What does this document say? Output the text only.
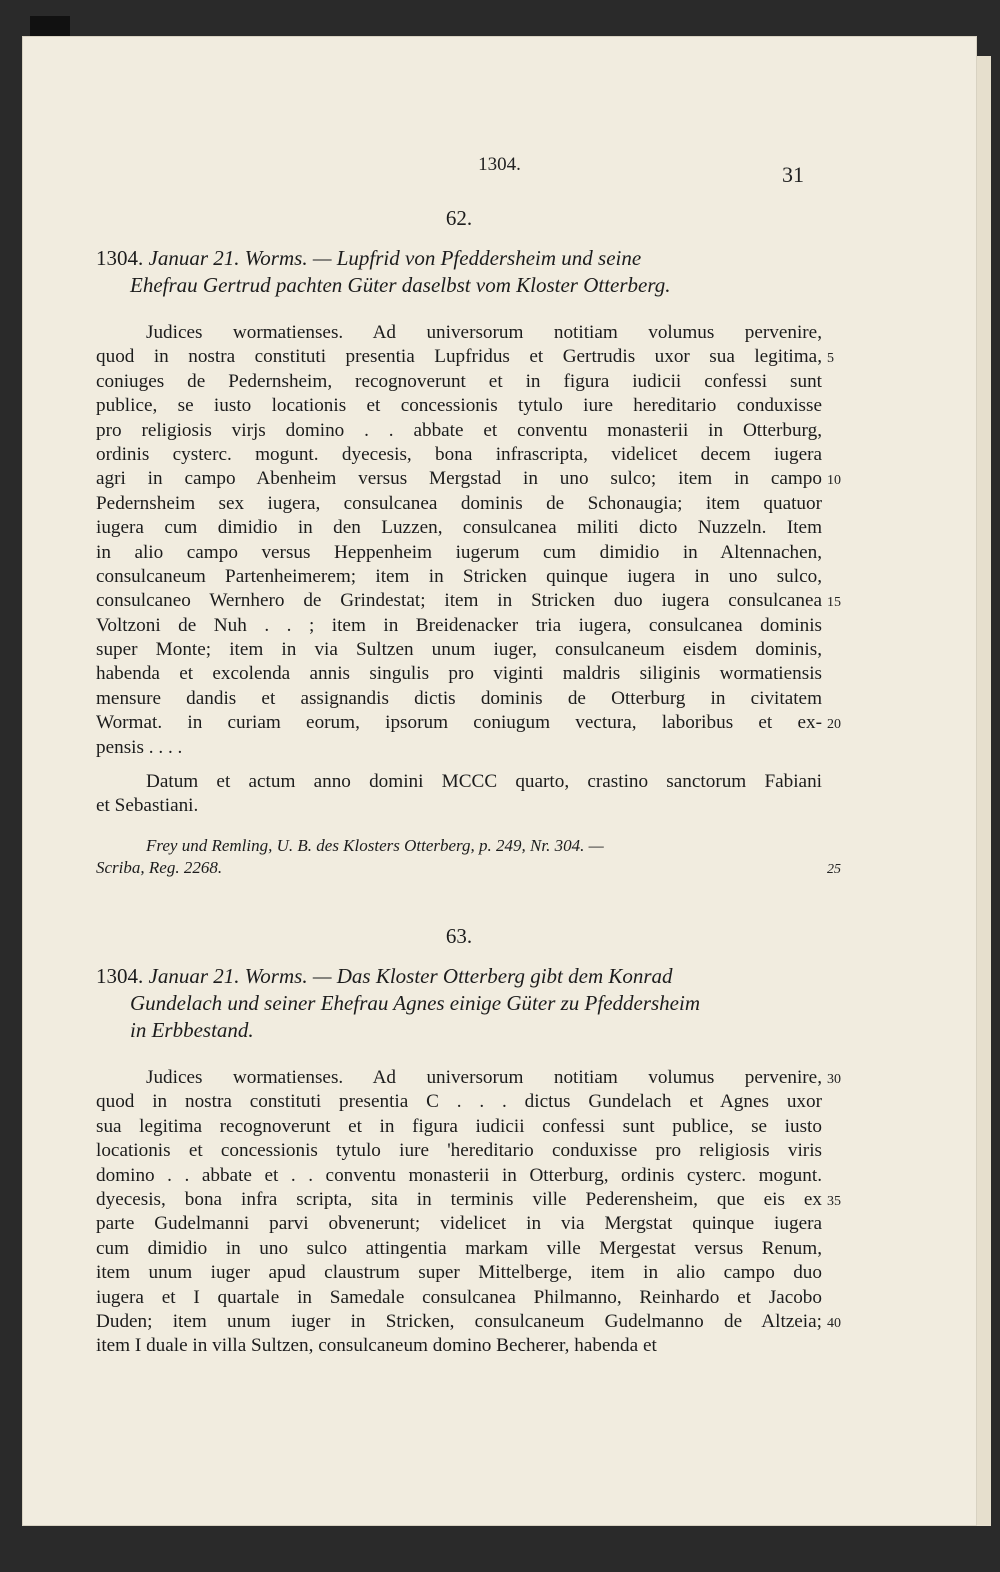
1304.	31
62.
1304. Januar 21. Worms. — Lupfrid von Pfeddersheim und seine
Ehefrau Gertrud pachten Güter daselbst vom Kloster Otterberg.
Judices wormatienses. Ad universorum notitiam volumus pervenire,
quod in nostra constituti presentia Lupfridus et Gertrudis uxor sua legitima, 5
coniuges de Pedernsheim, recognoverunt et in figura iudicii confessi sunt
publice, se iusto locationis et concessionis tytulo iure hereditario conduxisse
pro religiosis virjs domino . . abbate et conventu monasterii in Otterburg,
ordinis cysterc. mogunt. dyecesis, bona infrascripta, videlicet decem iugera
agri in campo Abenheim versus Mergstad in uno sulco; item in campo 10
Pedernsheim sex iugera, consulcanea dominis de Schonaugia; item quatuor
iugera cum dimidio in den Luzzen, consulcanea militi dicto Nuzzeln. Item
in alio campo versus Heppenheim iugerum cum dimidio in Altennachen,
consulcaneum Partenheimerem; item in Stricken quinque iugera in uno sulco,
consulcaneo Wernhero de Grindestat; item in Stricken duo iugera consulcanea 15
Voltzoni de Nuh . . ; item in Breidenacker tria iugera, consulcanea dominis
super Monte; item in via Sultzen unum iuger, consulcaneum eisdem dominis,
habenda et excolenda annis singulis pro viginti maldris siliginis wormatiensis
mensure dandis et assignandis dictis dominis de Otterburg in civitatem
Wormat. in curiam eorum, ipsorum coniugum vectura, laboribus et ex- 20
pensis . . . .
Datum et actum anno domini MCCC quarto, crastino sanctorum Fabiani
et Sebastiani.
Frey und Remling, U. B. des Klosters Otterberg, p. 249, Nr. 304. —
Scriba, Reg. 2268.	25
63.
1304. Januar 21. Worms. — Das Kloster Otterberg gibt dem Konrad
Gundelach und seiner Ehefrau Agnes einige Güter zu Pfeddersheim
in Erbbestand.
Judices wormatienses. Ad universorum notitiam volumus pervenire, 30
quod in nostra constituti presentia C . . . dictus Gundelach et Agnes uxor
sua legitima recognoverunt et in figura iudicii confessi sunt publice, se iusto
locationis et concessionis tytulo iure 'hereditario conduxisse pro religiosis viris
domino . . abbate et . . conventu monasterii in Otterburg, ordinis cysterc. mogunt.
dyecesis, bona infra scripta, sita in terminis ville Pederensheim, que eis ex 35
parte Gudelmanni parvi obvenerunt; videlicet in via Mergstat quinque iugera
cum dimidio in uno sulco attingentia markam ville Mergestat versus Renum,
item unum iuger apud claustrum super Mittelberge, item in alio campo duo
iugera et I quartale in Samedale consulcanea Philmanno, Reinhardo et Jacobo
Duden; item unum iuger in Stricken, consulcaneum Gudelmanno de Altzeia; 40
item I duale in villa Sultzen, consulcaneum domino Becherer, habenda et
